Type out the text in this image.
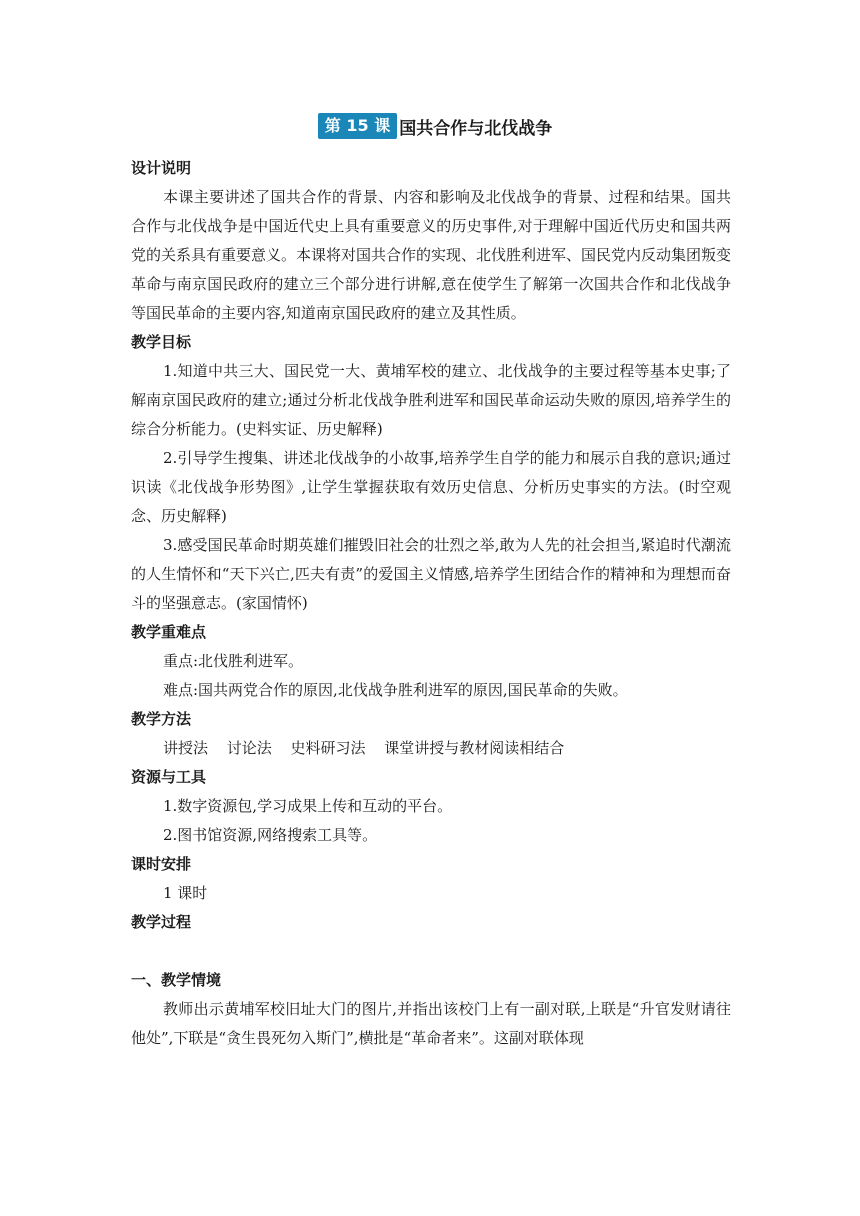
第 15 课 国共合作与北伐战争

设计说明

本课主要讲述了国共合作的背景、内容和影响及北伐战争的背景、过程和结果。国共合作与北伐战争是中国近代史上具有重要意义的历史事件,对于理解中国近代历史和国共两党的关系具有重要意义。本课将对国共合作的实现、北伐胜利进军、国民党内反动集团叛变革命与南京国民政府的建立三个部分进行讲解,意在使学生了解第一次国共合作和北伐战争等国民革命的主要内容,知道南京国民政府的建立及其性质。

教学目标

1.知道中共三大、国民党一大、黄埔军校的建立、北伐战争的主要过程等基本史事;了解南京国民政府的建立;通过分析北伐战争胜利进军和国民革命运动失败的原因,培养学生的综合分析能力。(史料实证、历史解释)

2.引导学生搜集、讲述北伐战争的小故事,培养学生自学的能力和展示自我的意识;通过识读《北伐战争形势图》,让学生掌握获取有效历史信息、分析历史事实的方法。(时空观念、历史解释)

3.感受国民革命时期英雄们摧毁旧社会的壮烈之举,敢为人先的社会担当,紧追时代潮流的人生情怀和“天下兴亡,匹夫有责”的爱国主义情感,培养学生团结合作的精神和为理想而奋斗的坚强意志。(家国情怀)

教学重难点

重点:北伐胜利进军。

难点:国共两党合作的原因,北伐战争胜利进军的原因,国民革命的失败。

教学方法

讲授法 讨论法 史料研习法 课堂讲授与教材阅读相结合

资源与工具

1.数字资源包,学习成果上传和互动的平台。

2.图书馆资源,网络搜索工具等。

课时安排

1 课时

教学过程

一、教学情境

教师出示黄埔军校旧址大门的图片,并指出该校门上有一副对联,上联是“升官发财请往他处”,下联是“贪生畏死勿入斯门”,横批是“革命者来”。这副对联体现
